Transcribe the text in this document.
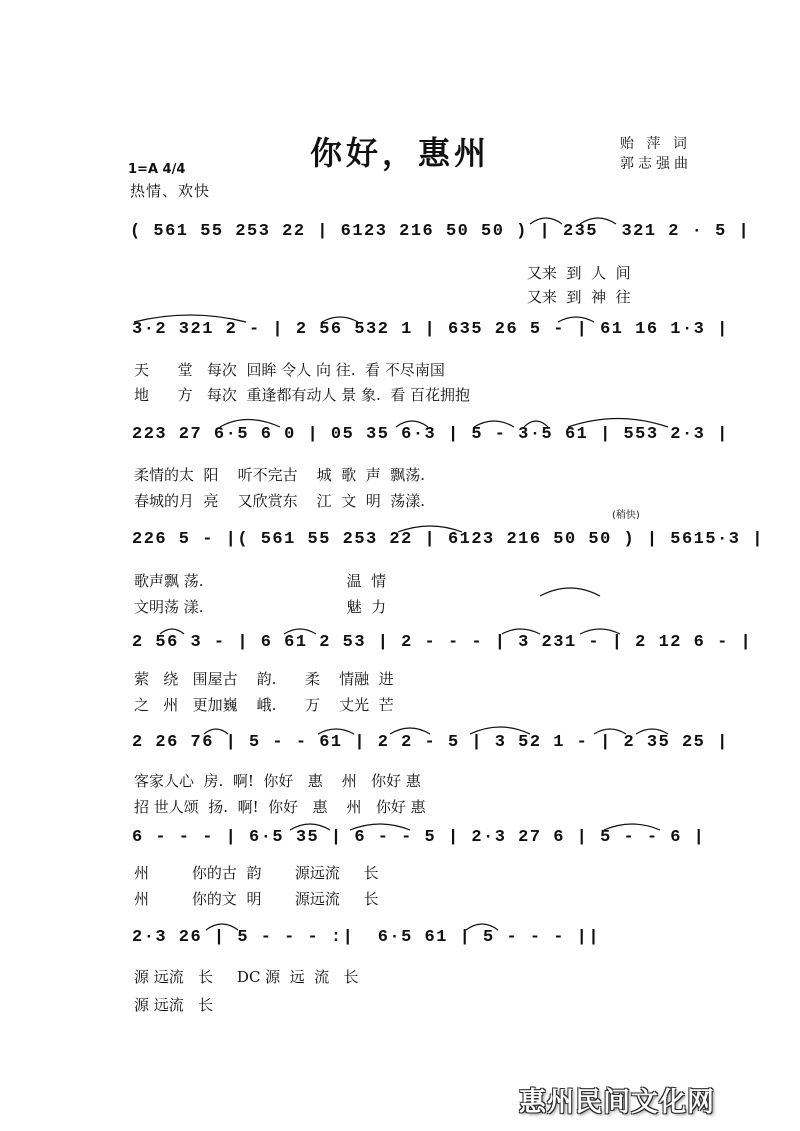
你好，惠州	贻 萍 词
郭志强曲
1=A 4/4
热情、欢快
( 561 55 253 22 | 6123 216 50 50 ) | 235  321 2 · 5 |
又来  到  人  间
又来  到  神  往
3·2 321 2 - | 2 56 532 1 | 635 26 5 - | 61 16 1·3 |
天      堂   每次  回眸 令人 向 往.  看 不尽南国
地      方   每次  重逢都有动人 景 象.  看 百花拥抱
223 27 6·5 6 0 | 05 35 6·3 | 5 - 3·5 61 | 553 2·3 |
柔情的太  阳    听不完古    城  歌  声  飘荡.
春城的月  亮    又欣赏东    江  文  明  荡漾.
(稍快)
226 5 - |( 561 55 253 22 | 6123 216 50 50 ) | 5615·3 |
歌声飘 荡.                              温  情
文明荡 漾.                              魅  力
2 56 3 - | 6 61 2 53 | 2 - - - | 3 231 - | 2 12 6 - |
萦   绕   围屋古    韵.      柔    情融  进
之   州   更加巍    峨.      万    丈光  芒
2 26 76 | 5 - - 61 | 2 2 - 5 | 3 52 1 - | 2 35 25 |
客家人心  房.  啊!  你好   惠    州   你好 惠
招 世人颂  扬.  啊!  你好   惠    州   你好 惠
6 - - - | 6·5 35 | 6 - - 5 | 2·3 27 6 | 5 - - 6 |
州         你的古  韵       源远流     长
州         你的文  明       源远流     长
2·3 26 | 5 - - - :|  6·5 61 | 5 - - - ||
源 远流   长     DC 源  远  流   长
源 远流   长
惠州民间文化网
